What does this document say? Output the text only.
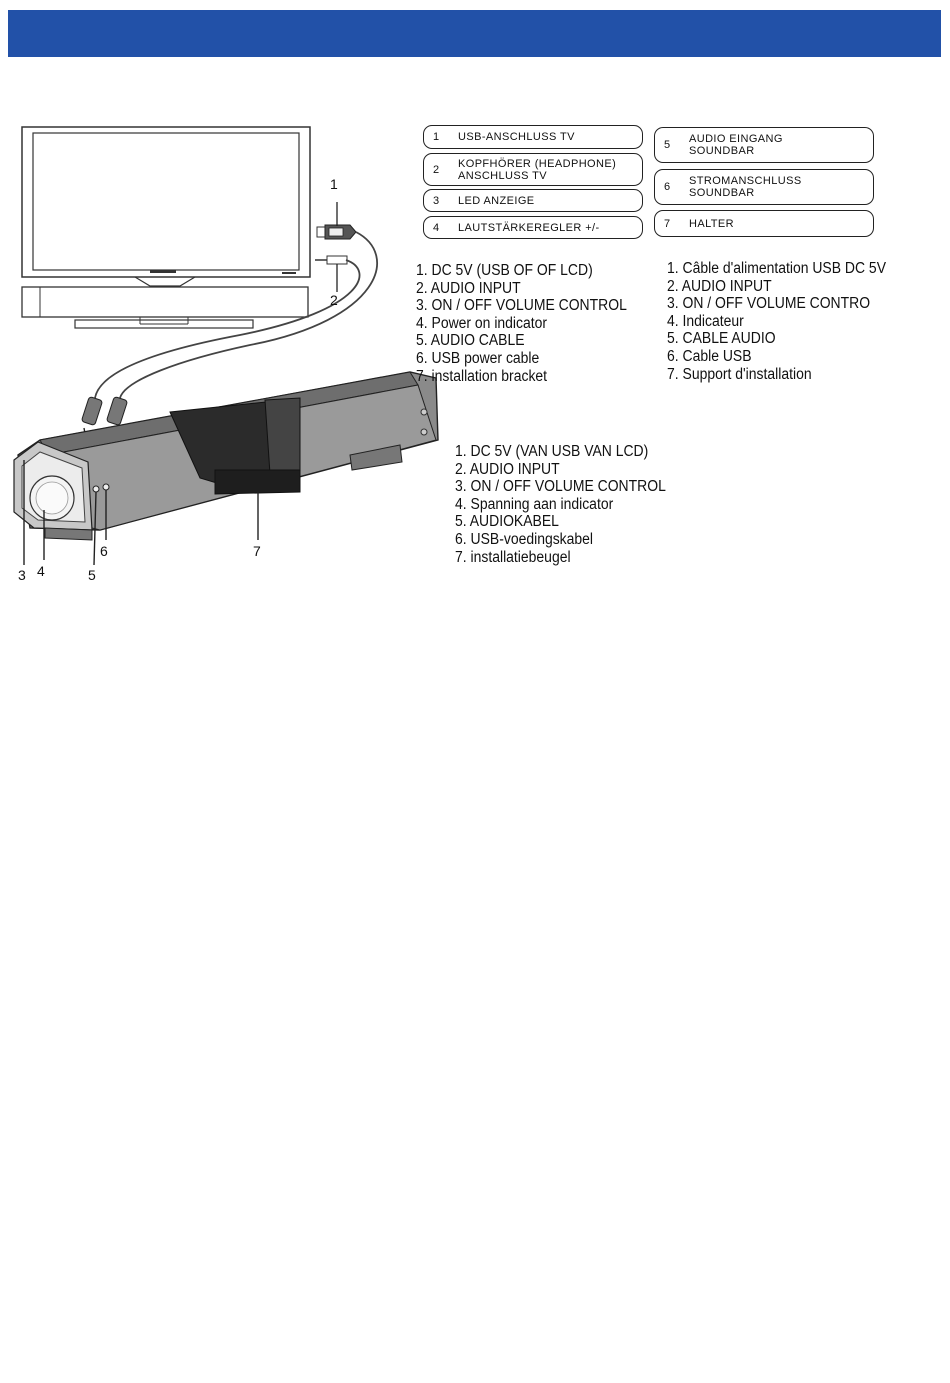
1
2
3 4	5
6	7
1 USB-ANSCHLUSS TV
2 KOPFHÖRER (HEADPHONE)
ANSCHLUSS TV
3 LED ANZEIGE
4 LAUTSTÄRKEREGLER +/-
5 AUDIO EINGANG
SOUNDBAR
6 STROMANSCHLUSS
SOUNDBAR
7 HALTER
1. DC 5V (USB OF OF LCD)
2. AUDIO INPUT
3. ON / OFF VOLUME CONTROL
4. Power on indicator
5. AUDIO CABLE
6. USB power cable
7. installation bracket
1. Câble d'alimentation USB DC 5V
2. AUDIO INPUT
3. ON / OFF VOLUME CONTRO
4. Indicateur
5. CABLE AUDIO
6. Cable USB
7. Support d'installation
1. DC 5V (VAN USB VAN LCD)
2. AUDIO INPUT
3. ON / OFF VOLUME CONTROL
4. Spanning aan indicator
5. AUDIOKABEL
6. USB-voedingskabel
7. installatiebeugel
